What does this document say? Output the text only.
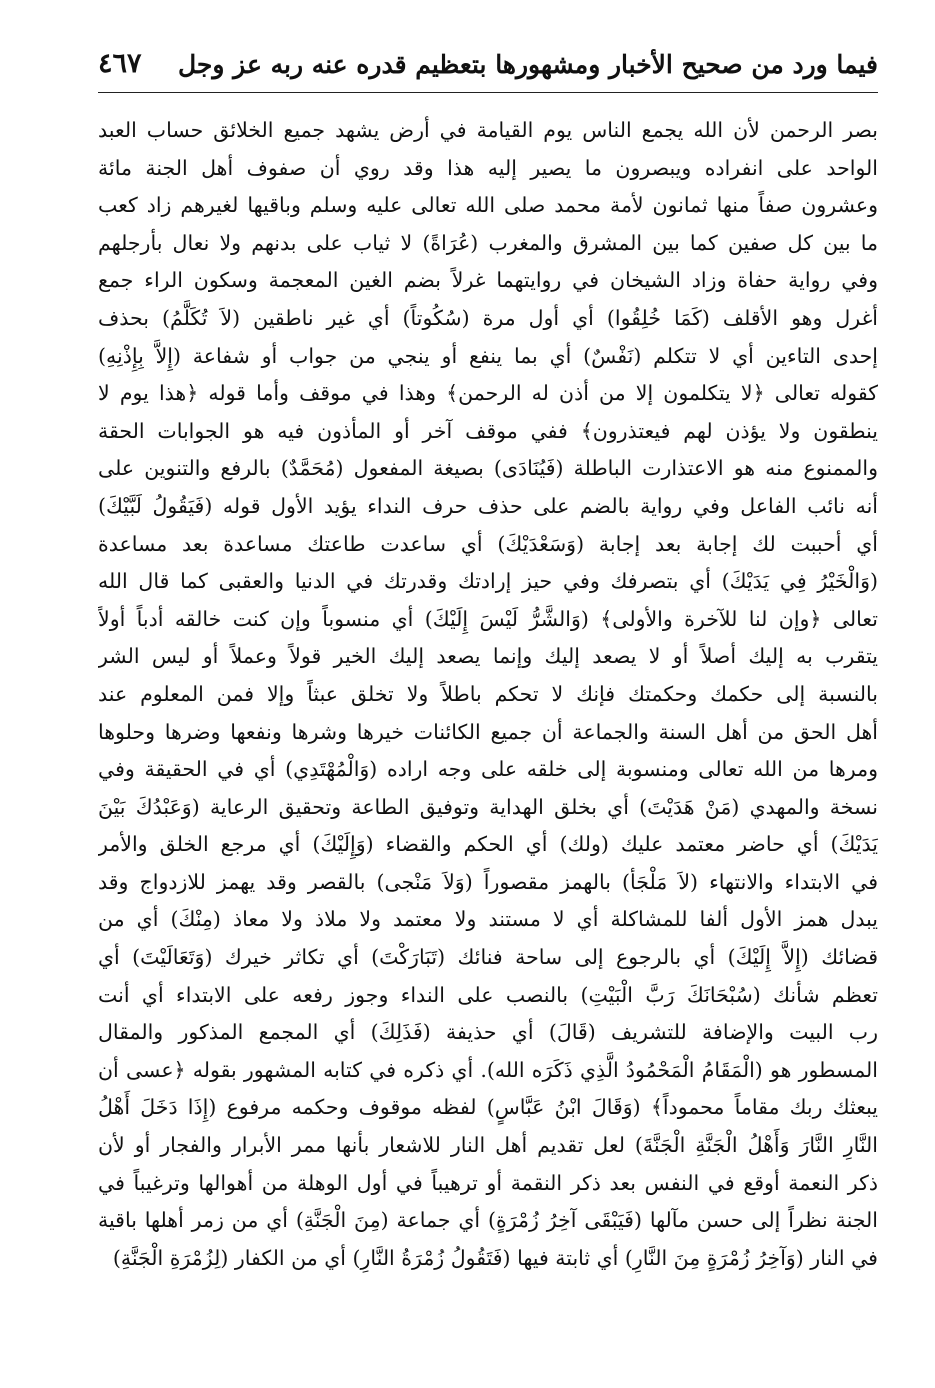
فيما ورد من صحيح الأخبار ومشهورها بتعظيم قدره عنه ربه عز وجل
٤٦٧
بصر الرحمن لأن الله يجمع الناس يوم القيامة في أرض يشهد جميع الخلائق حساب العبد
الواحد على انفراده ويبصرون ما يصير إليه هذا وقد روي أن صفوف أهل الجنة مائة
وعشرون صفاً منها ثمانون لأمة محمد صلى الله تعالى عليه وسلم وباقيها لغيرهم زاد كعب
ما بين كل صفين كما بين المشرق والمغرب (عُرَاةً) لا ثياب على بدنهم ولا نعال بأرجلهم
وفي رواية حفاة وزاد الشيخان في روايتهما غرلاً بضم الغين المعجمة وسكون الراء جمع
أغرل وهو الأقلف (كَمَا خُلِقُوا) أي أول مرة (سُكُوتاً) أي غير ناطقين (لاَ تُكَلَّمُ) بحذف
إحدى التاءين أي لا تتكلم (نَفْسٌ) أي بما ينفع أو ينجي من جواب أو شفاعة (إِلاَّ بِإِذْنِهِ)
كقوله تعالى ﴿لا يتكلمون إلا من أذن له الرحمن﴾ وهذا في موقف وأما قوله ﴿هذا يوم لا
ينطقون ولا يؤذن لهم فيعتذرون﴾ ففي موقف آخر أو المأذون فيه هو الجوابات الحقة
والممنوع منه هو الاعتذارت الباطلة (فَيُنَادَى) بصيغة المفعول (مُحَمَّدٌ) بالرفع والتنوين على
أنه نائب الفاعل وفي رواية بالضم على حذف حرف النداء يؤيد الأول قوله (فَيَقُولُ لَبَّيْكَ)
أي أحببت لك إجابة بعد إجابة (وَسَعْدَيْكَ) أي ساعدت طاعتك مساعدة بعد مساعدة
(وَالْخَيْرُ فِي يَدَيْكَ) أي بتصرفك وفي حيز إرادتك وقدرتك في الدنيا والعقبى كما قال الله
تعالى ﴿وإن لنا للآخرة والأولى﴾ (وَالشَّرُّ لَيْسَ إِلَيْكَ) أي منسوباً وإن كنت خالقه أدباً أولاً
يتقرب به إليك أصلاً أو لا يصعد إليك وإنما يصعد إليك الخير قولاً وعملاً أو ليس الشر
بالنسبة إلى حكمك وحكمتك فإنك لا تحكم باطلاً ولا تخلق عبثاً وإلا فمن المعلوم عند
أهل الحق من أهل السنة والجماعة أن جميع الكائنات خيرها وشرها ونفعها وضرها وحلوها
ومرها من الله تعالى ومنسوبة إلى خلقه على وجه اراده (وَالْمُهْتَدِي) أي في الحقيقة وفي
نسخة والمهدي (مَنْ هَدَيْتَ) أي بخلق الهداية وتوفيق الطاعة وتحقيق الرعاية (وَعَبْدُكَ بَيْنَ
يَدَيْكَ) أي حاضر معتمد عليك (ولك) أي الحكم والقضاء (وَإِلَيْكَ) أي مرجع الخلق والأمر
في الابتداء والانتهاء (لاَ مَلْجَأ) بالهمز مقصوراً (وَلاَ مَنْجى) بالقصر وقد يهمز للازدواج وقد
يبدل همز الأول ألفا للمشاكلة أي لا مستند ولا معتمد ولا ملاذ ولا معاذ (مِنْكَ) أي من
قضائك (إِلاَّ إِلَيْكَ) أي بالرجوع إلى ساحة فنائك (تَبَارَكْتَ) أي تكاثر خيرك (وَتَعَالَيْتَ) أي
تعظم شأنك (سُبْحَانَكَ رَبَّ الْبَيْتِ) بالنصب على النداء وجوز رفعه على الابتداء أي أنت
رب البيت والإضافة للتشريف (قَالَ) أي حذيفة (فَذَلِكَ) أي المجمع المذكور والمقال
المسطور هو (الْمَقَامُ الْمَحْمُودُ الَّذِي ذَكَرَه الله). أي ذكره في كتابه المشهور بقوله ﴿عسى أن
يبعثك ربك مقاماً محموداً﴾ (وَقَالَ ابْنُ عَبَّاسٍ) لفظه موقوف وحكمه مرفوع (إِذَا دَخَلَ أَهْلُ
النَّارِ النَّارَ وَأَهْلُ الْجَنَّةِ الْجَنَّةَ) لعل تقديم أهل النار للاشعار بأنها ممر الأبرار والفجار أو لأن
ذكر النعمة أوقع في النفس بعد ذكر النقمة أو ترهيباً في أول الوهلة من أهوالها وترغيباً في
الجنة نظراً إلى حسن مآلها (فَيَبْقَى آخِرُ زُمْرَةٍ) أي جماعة (مِنَ الْجَنَّةِ) أي من زمر أهلها باقية
في النار (وَآخِرُ زُمْرَةٍ مِنَ النَّارِ) أي ثابتة فيها (فَتَقُولُ زُمْرَةُ النَّارِ) أي من الكفار (لِزُمْرَةِ الْجَنَّةِ)
